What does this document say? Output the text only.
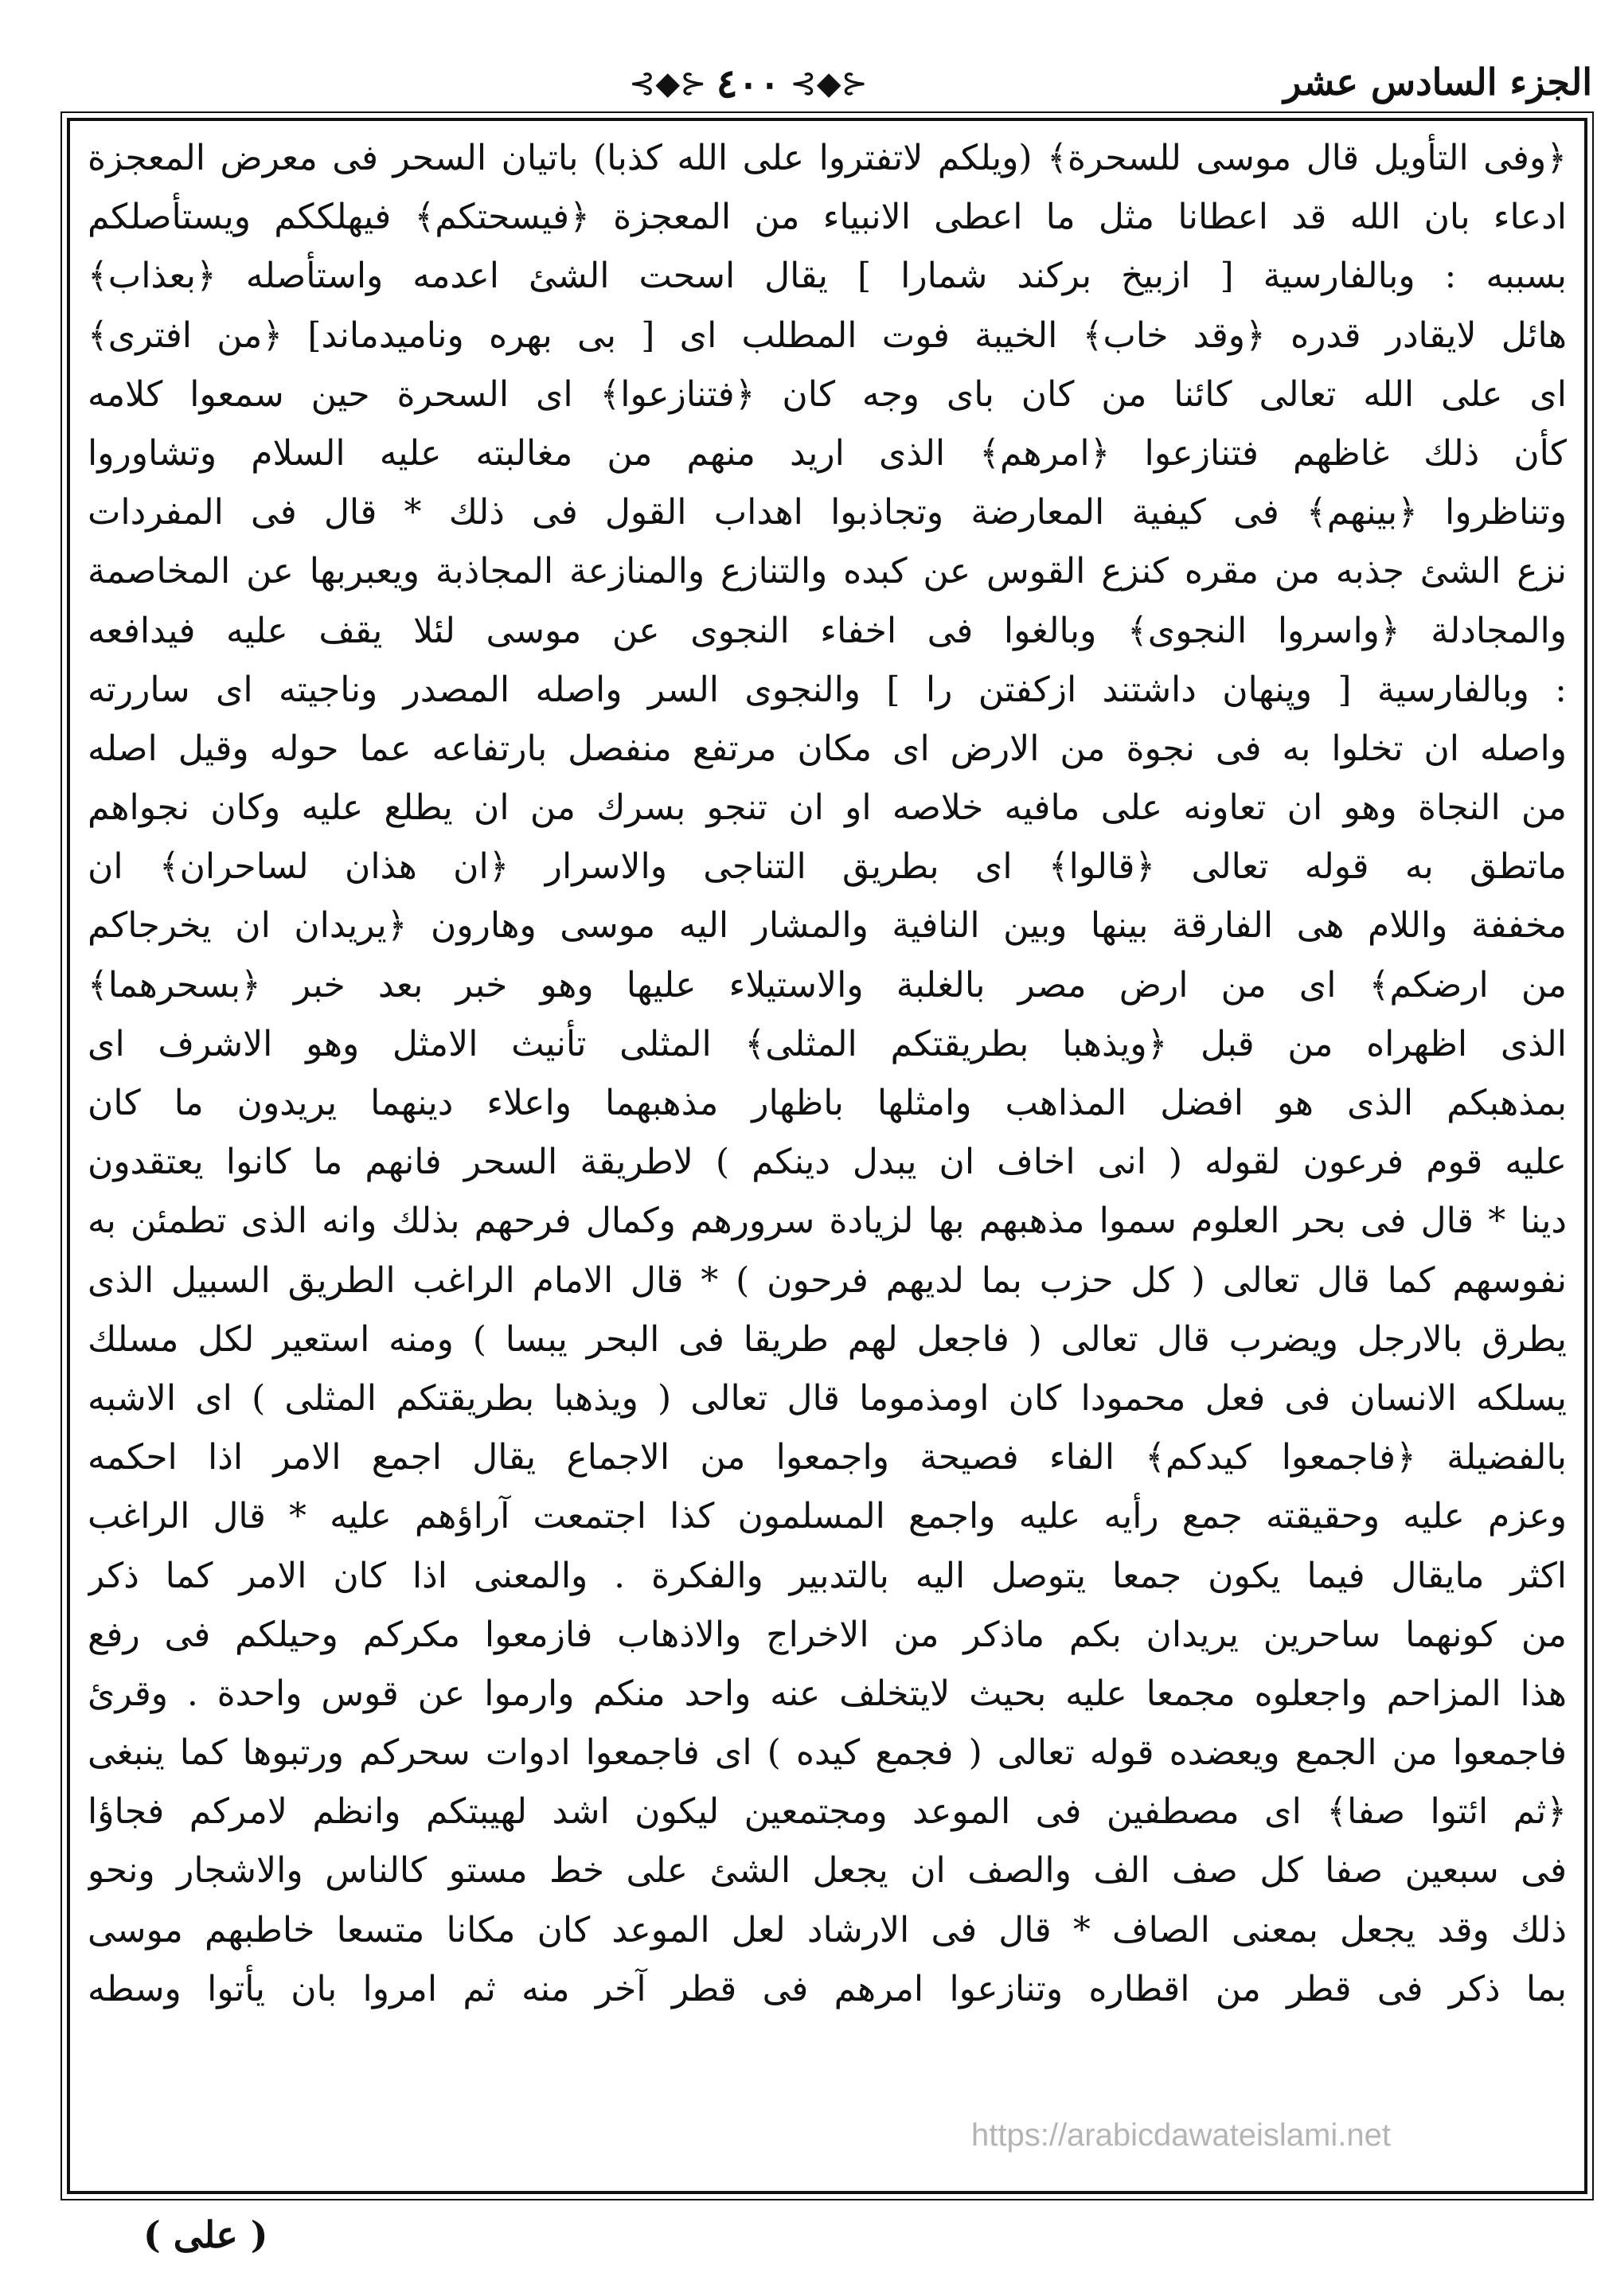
الجزء السادس عشر
⊰◆⊱ ٤٠٠ ⊰◆⊱
﴿وفى التأويل قال موسى للسحرة﴾ (ويلكم لاتفتروا على الله كذبا) باتيان السحر فى معرض المعجزة
ادعاء بان الله قد اعطانا مثل ما اعطى الانبياء من المعجزة ﴿فيسحتكم﴾ فيهلككم ويستأصلكم
بسببه : وبالفارسية [ ازبيخ بركند شمارا ] يقال اسحت الشئ اعدمه واستأصله ﴿بعذاب﴾
هائل لايقادر قدره ﴿وقد خاب﴾ الخيبة فوت المطلب اى [ بى بهره وناميدماند] ﴿من افترى﴾
اى على الله تعالى كائنا من كان باى وجه كان ﴿فتنازعوا﴾ اى السحرة حين سمعوا كلامه
كأن ذلك غاظهم فتنازعوا ﴿امرهم﴾ الذى اريد منهم من مغالبته عليه السلام وتشاوروا
وتناظروا ﴿بينهم﴾ فى كيفية المعارضة وتجاذبوا اهداب القول فى ذلك * قال فى المفردات
نزع الشئ جذبه من مقره كنزع القوس عن كبده والتنازع والمنازعة المجاذبة ويعبربها عن المخاصمة
والمجادلة ﴿واسروا النجوى﴾ وبالغوا فى اخفاء النجوى عن موسى لئلا يقف عليه فيدافعه
: وبالفارسية [ وپنهان داشتند ازكفتن را ] والنجوى السر واصله المصدر وناجيته اى ساررته
واصله ان تخلوا به فى نجوة من الارض اى مكان مرتفع منفصل بارتفاعه عما حوله وقيل اصله
من النجاة وهو ان تعاونه على مافيه خلاصه او ان تنجو بسرك من ان يطلع عليه وكان نجواهم
ماتطق به قوله تعالى ﴿قالوا﴾ اى بطريق التناجى والاسرار ﴿ان هذان لساحران﴾ ان
مخففة واللام هى الفارقة بينها وبين النافية والمشار اليه موسى وهارون ﴿يريدان ان يخرجاكم
من ارضكم﴾ اى من ارض مصر بالغلبة والاستيلاء عليها وهو خبر بعد خبر ﴿بسحرهما﴾
الذى اظهراه من قبل ﴿ويذهبا بطريقتكم المثلى﴾ المثلى تأنيث الامثل وهو الاشرف اى
بمذهبكم الذى هو افضل المذاهب وامثلها باظهار مذهبهما واعلاء دينهما يريدون ما كان
عليه قوم فرعون لقوله ( انى اخاف ان يبدل دينكم ) لاطريقة السحر فانهم ما كانوا يعتقدون
دينا * قال فى بحر العلوم سموا مذهبهم بها لزيادة سرورهم وكمال فرحهم بذلك وانه الذى تطمئن به
نفوسهم كما قال تعالى ( كل حزب بما لديهم فرحون ) * قال الامام الراغب الطريق السبيل الذى
يطرق بالارجل ويضرب قال تعالى ( فاجعل لهم طريقا فى البحر يبسا ) ومنه استعير لكل مسلك
يسلكه الانسان فى فعل محمودا كان اومذموما قال تعالى ( ويذهبا بطريقتكم المثلى ) اى الاشبه
بالفضيلة ﴿فاجمعوا كيدكم﴾ الفاء فصيحة واجمعوا من الاجماع يقال اجمع الامر اذا احكمه
وعزم عليه وحقيقته جمع رأيه عليه واجمع المسلمون كذا اجتمعت آراؤهم عليه * قال الراغب
اكثر مايقال فيما يكون جمعا يتوصل اليه بالتدبير والفكرة . والمعنى اذا كان الامر كما ذكر
من كونهما ساحرين يريدان بكم ماذكر من الاخراج والاذهاب فازمعوا مكركم وحيلكم فى رفع
هذا المزاحم واجعلوه مجمعا عليه بحيث لايتخلف عنه واحد منكم وارموا عن قوس واحدة . وقرئ
فاجمعوا من الجمع ويعضده قوله تعالى ( فجمع كيده ) اى فاجمعوا ادوات سحركم ورتبوها كما ينبغى
﴿ثم ائتوا صفا﴾ اى مصطفين فى الموعد ومجتمعين ليكون اشد لهيبتكم وانظم لامركم فجاؤا
فى سبعين صفا كل صف الف والصف ان يجعل الشئ على خط مستو كالناس والاشجار ونحو
ذلك وقد يجعل بمعنى الصاف * قال فى الارشاد لعل الموعد كان مكانا متسعا خاطبهم موسى
بما ذكر فى قطر من اقطاره وتنازعوا امرهم فى قطر آخر منه ثم امروا بان يأتوا وسطه
https://arabicdawateislami.net
( على )
